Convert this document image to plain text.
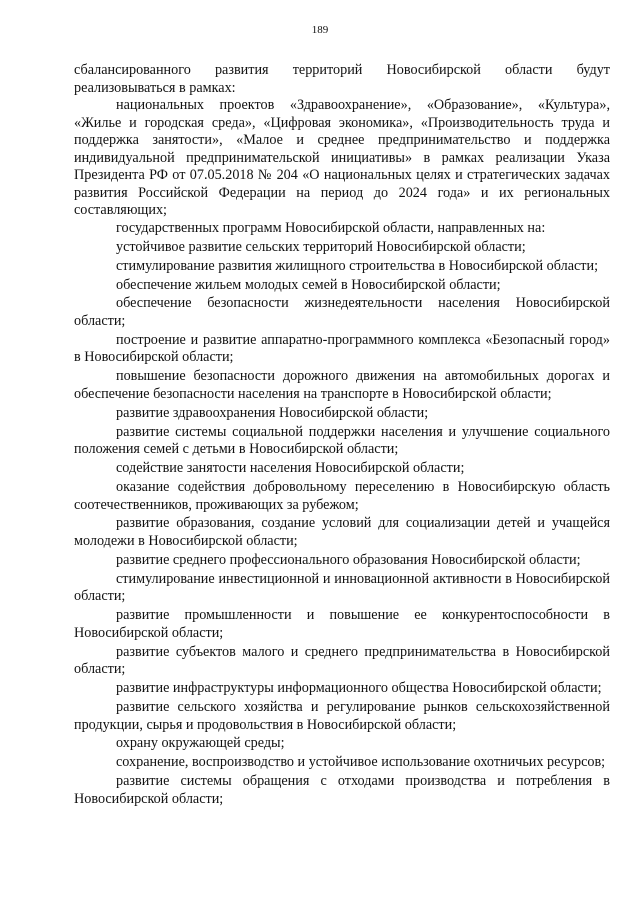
189

сбалансированного развития территорий Новосибирской области будут реализовываться в рамках:

национальных проектов «Здравоохранение», «Образование», «Культура», «Жилье и городская среда», «Цифровая экономика», «Производительность труда и поддержка занятости», «Малое и среднее предпринимательство и поддержка индивидуальной предпринимательской инициативы» в рамках реализации Указа Президента РФ от 07.05.2018 № 204 «О национальных целях и стратегических задачах развития Российской Федерации на период до 2024 года» и их региональных составляющих;

государственных программ Новосибирской области, направленных на:

устойчивое развитие сельских территорий Новосибирской области;

стимулирование развития жилищного строительства в Новосибирской области;

обеспечение жильем молодых семей в Новосибирской области;

обеспечение безопасности жизнедеятельности населения Новосибирской области;

построение и развитие аппаратно-программного комплекса «Безопасный город» в Новосибирской области;

повышение безопасности дорожного движения на автомобильных дорогах и обеспечение безопасности населения на транспорте в Новосибирской области;

развитие здравоохранения Новосибирской области;

развитие системы социальной поддержки населения и улучшение социального положения семей с детьми в Новосибирской области;

содействие занятости населения Новосибирской области;

оказание содействия добровольному переселению в Новосибирскую область соотечественников, проживающих за рубежом;

развитие образования, создание условий для социализации детей и учащейся молодежи в Новосибирской области;

развитие среднего профессионального образования Новосибирской области;

стимулирование инвестиционной и инновационной активности в Новосибирской области;

развитие промышленности и повышение ее конкурентоспособности в Новосибирской области;

развитие субъектов малого и среднего предпринимательства в Новосибирской области;

развитие инфраструктуры информационного общества Новосибирской области;

развитие сельского хозяйства и регулирование рынков сельскохозяйственной продукции, сырья и продовольствия в Новосибирской области;

охрану окружающей среды;

сохранение, воспроизводство и устойчивое использование охотничьих ресурсов;

развитие системы обращения с отходами производства и потребления в Новосибирской области;
